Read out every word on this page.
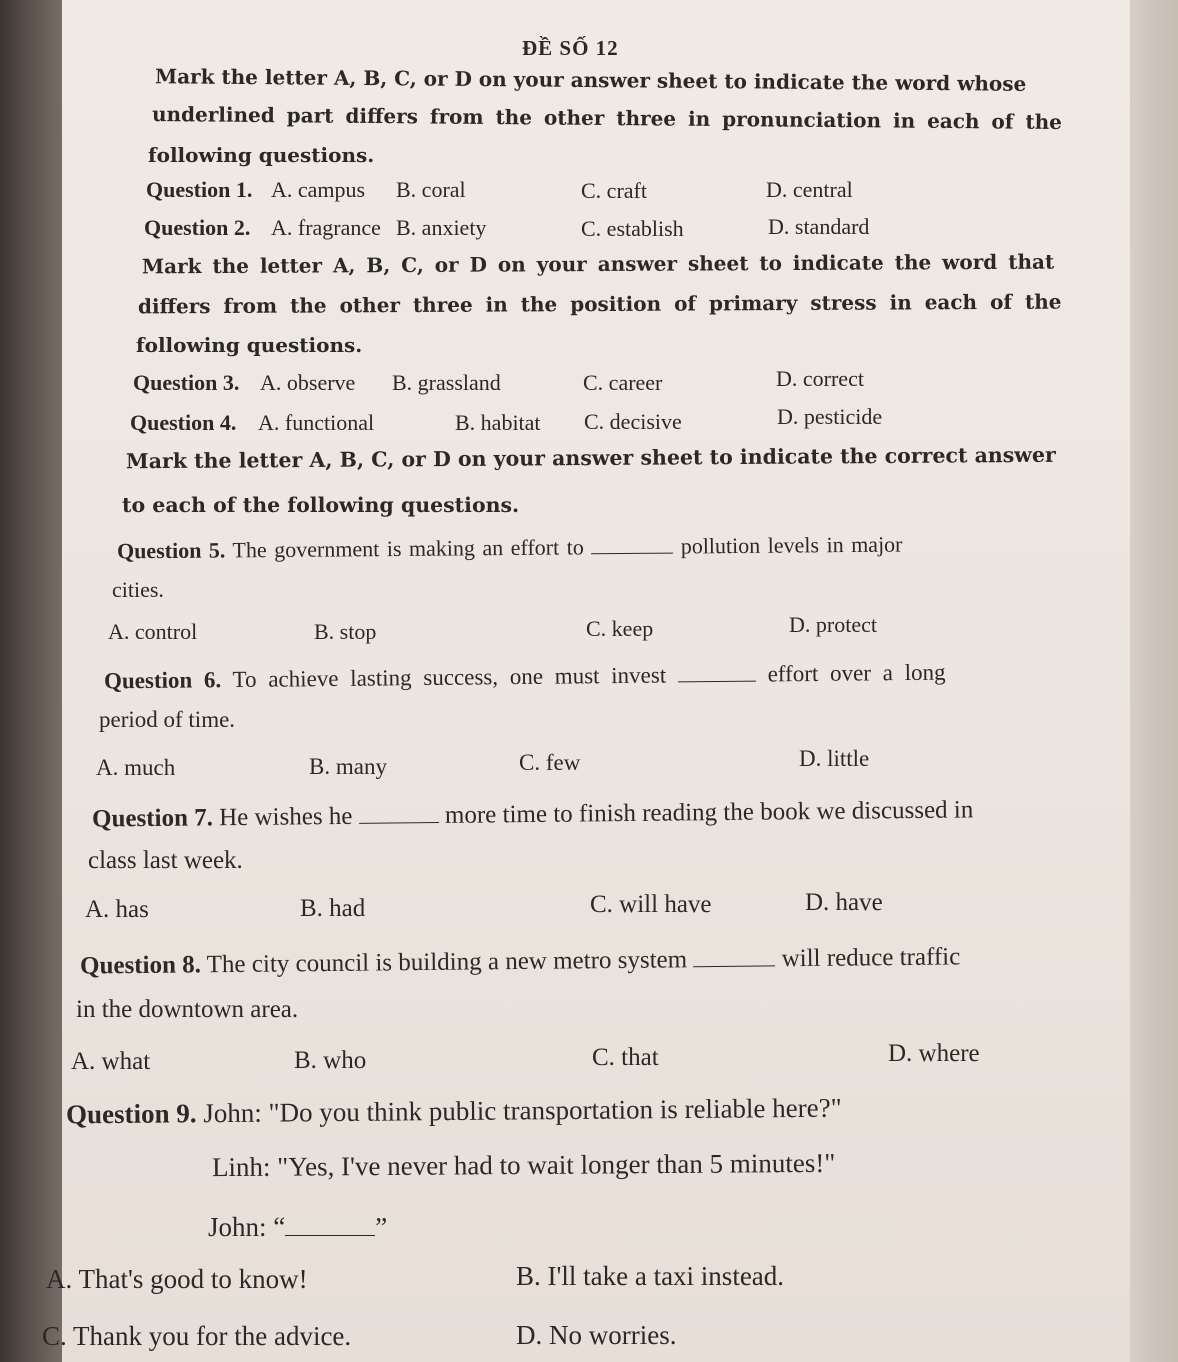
ĐỀ SỐ 12
Mark the letter A, B, C, or D on your answer sheet to indicate the word whose
underlined part differs from the other three in pronunciation in each of the
following questions.
Question 1. A. campus B. coral	C. craft	D. central
Question 2. A. fragrance B. anxiety	C. establish	D. standard
Mark the letter A, B, C, or D on your answer sheet to indicate the word that
differs from the other three in the position of primary stress in each of the
following questions.
Question 3. A. observe B. grassland	C. career	D. correct
Question 4. A. functional	B. habitat C. decisive	D. pesticide
Mark the letter A, B, C, or D on your answer sheet to indicate the correct answer
to each of the following questions.
Question 5. The government is making an effort to	pollution levels in major
cities.
A. control	B. stop	C. keep	D. protect
Question 6. To achieve lasting success, one must invest	effort over a long
period of time.
A. much	B. many	C. few	D. little
Question 7. He wishes he	more time to finish reading the book we discussed in
class last week.
A. has	B. had	C. will have	D. have
Question 8. The city council is building a new metro system	will reduce traffic
in the downtown area.
A. what	B. who	C. that	D. where
Question 9. John: "Do you think public transportation is reliable here?"
Linh: "Yes, I've never had to wait longer than 5 minutes!"
John: “	”
A. That's good to know!	B. I'll take a taxi instead.
C. Thank you for the advice.	D. No worries.
